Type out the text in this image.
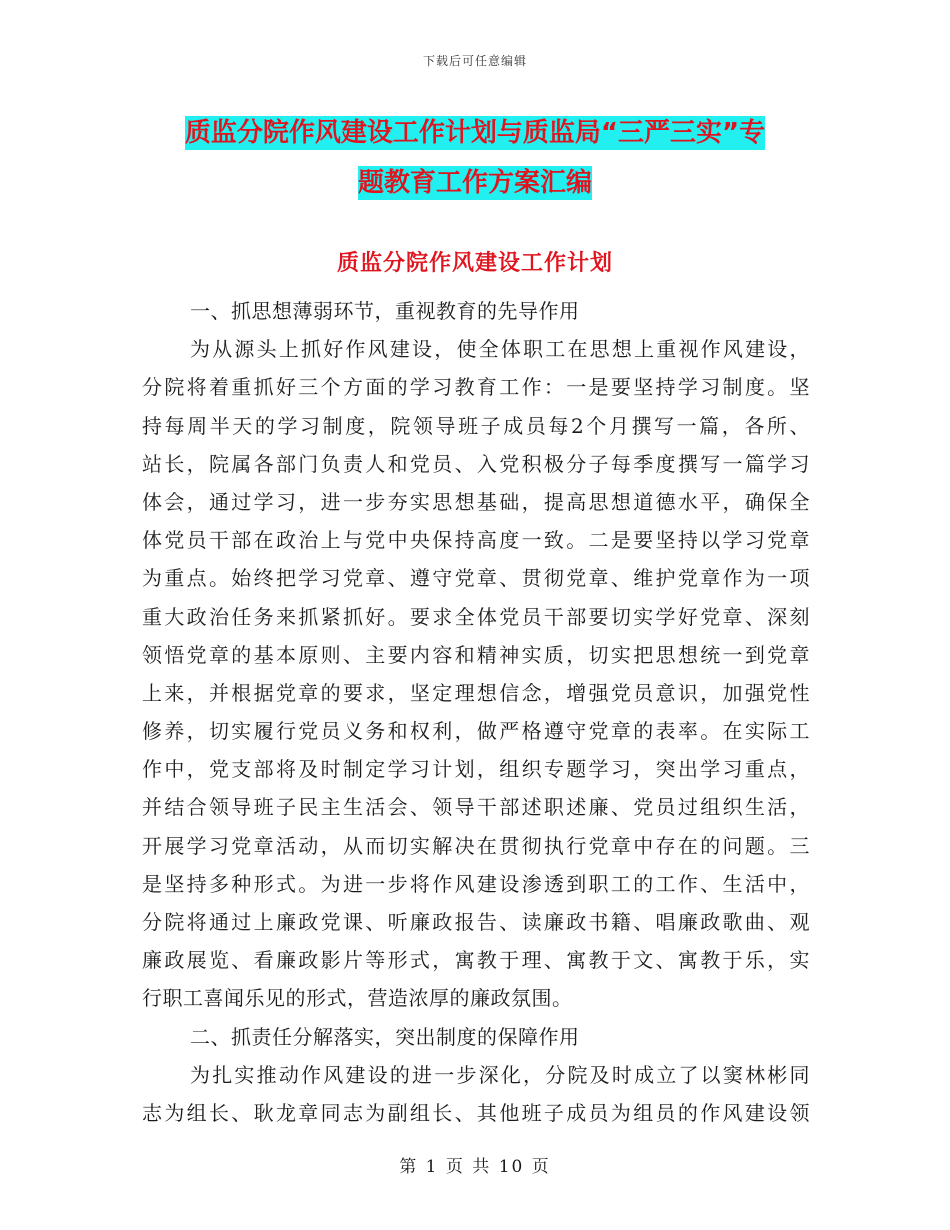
下载后可任意编辑
质监分院作风建设工作计划与质监局“三严三实”专
题教育工作方案汇编
质监分院作风建设工作计划
一、抓思想薄弱环节，重视教育的先导作用
为从源头上抓好作风建设，使全体职工在思想上重视作风建设，
分院将着重抓好三个方面的学习教育工作：一是要坚持学习制度。坚
持每周半天的学习制度，院领导班子成员每2个月撰写一篇，各所、
站长，院属各部门负责人和党员、入党积极分子每季度撰写一篇学习
体会，通过学习，进一步夯实思想基础，提高思想道德水平，确保全
体党员干部在政治上与党中央保持高度一致。二是要坚持以学习党章
为重点。始终把学习党章、遵守党章、贯彻党章、维护党章作为一项
重大政治任务来抓紧抓好。要求全体党员干部要切实学好党章、深刻
领悟党章的基本原则、主要内容和精神实质，切实把思想统一到党章
上来，并根据党章的要求，坚定理想信念，增强党员意识，加强党性
修养，切实履行党员义务和权利，做严格遵守党章的表率。在实际工
作中，党支部将及时制定学习计划，组织专题学习，突出学习重点，
并结合领导班子民主生活会、领导干部述职述廉、党员过组织生活，
开展学习党章活动，从而切实解决在贯彻执行党章中存在的问题。三
是坚持多种形式。为进一步将作风建设渗透到职工的工作、生活中，
分院将通过上廉政党课、听廉政报告、读廉政书籍、唱廉政歌曲、观
廉政展览、看廉政影片等形式，寓教于理、寓教于文、寓教于乐，实
行职工喜闻乐见的形式，营造浓厚的廉政氛围。
二、抓责任分解落实，突出制度的保障作用
为扎实推动作风建设的进一步深化，分院及时成立了以窦林彬同
志为组长、耿龙章同志为副组长、其他班子成员为组员的作风建设领
第 1 页 共 10 页
